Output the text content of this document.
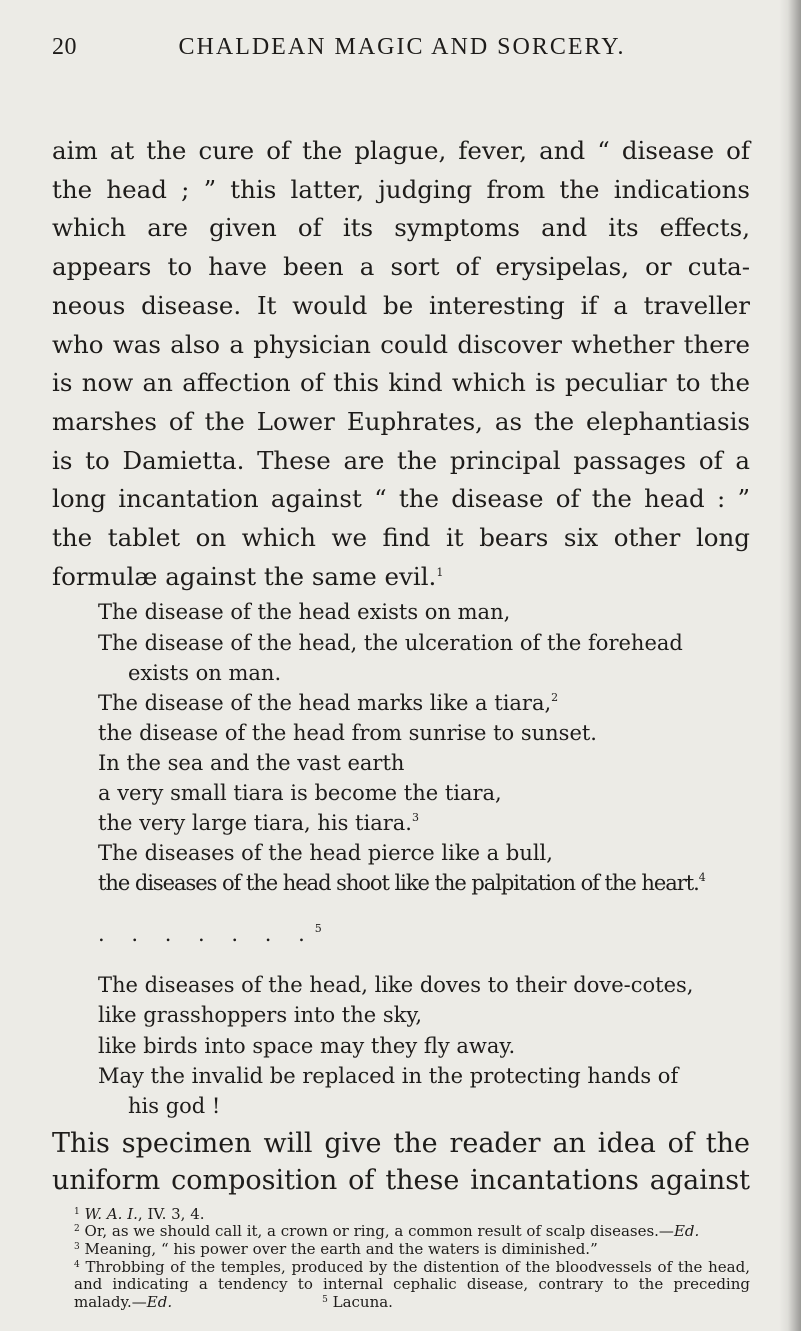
20	CHALDEAN MAGIC AND SORCERY.

aim at the cure of the plague, fever, and “ disease of

the head ; ” this latter, judging from the indications

which are given of its symptoms and its effects,

appears to have been a sort of erysipelas, or cuta-

neous disease. It would be interesting if a traveller

who was also a physician could discover whether there

is now an affection of this kind which is peculiar to the

marshes of the Lower Euphrates, as the elephantiasis

is to Damietta. These are the principal passages of a

long incantation against “ the disease of the head : ”

the tablet on which we find it bears six other long

formulæ against the same evil.$^1$

The disease of the head exists on man,

The disease of the head, the ulceration of the forehead

exists on man.

The disease of the head marks like a tiara,$^2$

the disease of the head from sunrise to sunset.

In the sea and the vast earth

a very small tiara is become the tiara,

the very large tiara, his tiara.$^3$

The diseases of the head pierce like a bull,

the diseases of the head shoot like the palpitation of the heart.$^4$

. . . . . . .$^5$

The diseases of the head, like doves to their dove-cotes,

like grasshoppers into the sky,

like birds into space may they fly away.

May the invalid be replaced in the protecting hands of

his god !

This specimen will give the reader an idea of the

uniform composition of these incantations against

$^1$ W. A. I., IV. 3, 4.

$^2$ Or, as we should call it, a crown or ring, a common result of scalp diseases.—Ed.

$^3$ Meaning, “ his power over the earth and the waters is diminished.”

$^4$ Throbbing of the temples, produced by the distention of the bloodvessels of the head, and indicating a tendency to internal cephalic disease, contrary to the preceding malady.—Ed.	$^5$ Lacuna.
